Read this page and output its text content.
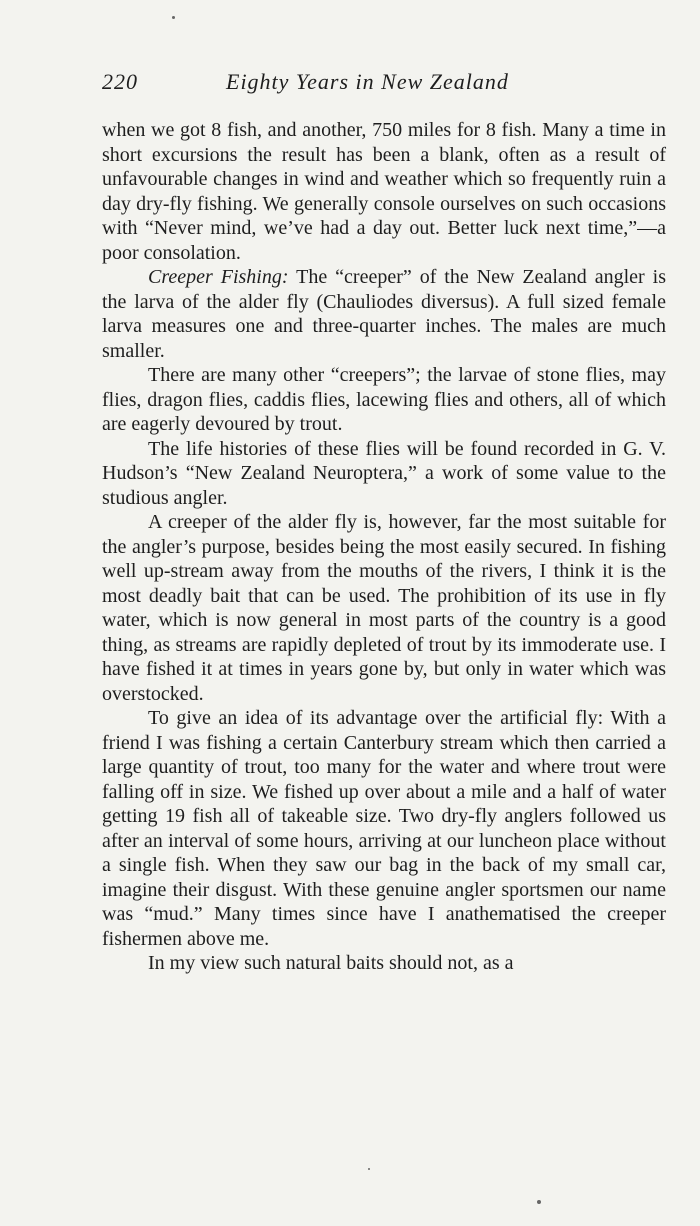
220	Eighty Years in New Zealand

when we got 8 fish, and another, 750 miles for 8 fish. Many a time in short excursions the result has been a blank, often as a result of unfavourable changes in wind and weather which so frequently ruin a day dry-fly fishing. We generally console ourselves on such occasions with “Never mind, we’ve had a day out. Better luck next time,”—a poor consolation.

Creeper Fishing: The “creeper” of the New Zealand angler is the larva of the alder fly (Chauliodes diversus). A full sized female larva measures one and three-quarter inches. The males are much smaller.

There are many other “creepers”; the larvae of stone flies, may flies, dragon flies, caddis flies, lacewing flies and others, all of which are eagerly devoured by trout.

The life histories of these flies will be found recorded in G. V. Hudson’s “New Zealand Neuroptera,” a work of some value to the studious angler.

A creeper of the alder fly is, however, far the most suitable for the angler’s purpose, besides being the most easily secured. In fishing well up-stream away from the mouths of the rivers, I think it is the most deadly bait that can be used. The prohibition of its use in fly water, which is now general in most parts of the country is a good thing, as streams are rapidly depleted of trout by its immoderate use. I have fished it at times in years gone by, but only in water which was overstocked.

To give an idea of its advantage over the artificial fly: With a friend I was fishing a certain Canterbury stream which then carried a large quantity of trout, too many for the water and where trout were falling off in size. We fished up over about a mile and a half of water getting 19 fish all of takeable size. Two dry-fly anglers followed us after an interval of some hours, arriving at our luncheon place without a single fish. When they saw our bag in the back of my small car, imagine their disgust. With these genuine angler sportsmen our name was “mud.” Many times since have I anathematised the creeper fishermen above me.

In my view such natural baits should not, as a
